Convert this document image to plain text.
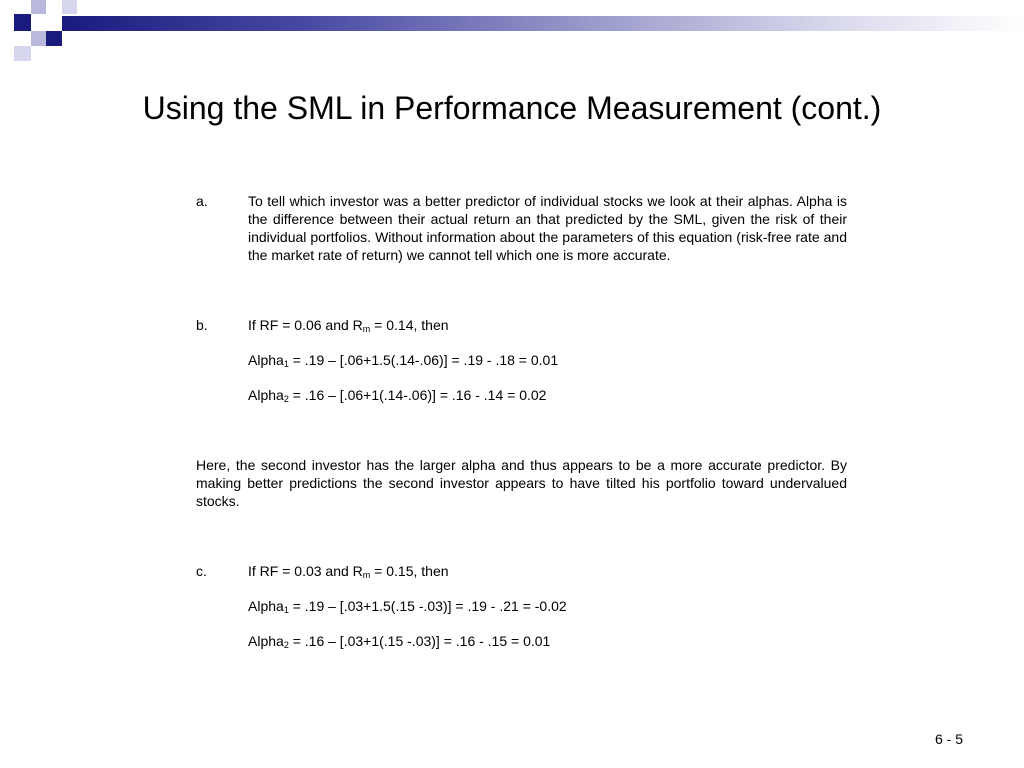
Using the SML in Performance Measurement (cont.)
a.	To tell which investor was a better predictor of individual stocks we look at their alphas. Alpha is the difference between their actual return an that predicted by the SML, given the risk of their individual portfolios. Without information about the parameters of this equation (risk-free rate and the market rate of return) we cannot tell which one is more accurate.
b.	If RF = 0.06 and $R_m = 0.14$, then
Alpha$_1$ = .19 – [.06+1.5(.14-.06)] = .19 - .18 = 0.01
Alpha$_2$ = .16 – [.06+1(.14-.06)] = .16 - .14 = 0.02
Here, the second investor has the larger alpha and thus appears to be a more accurate predictor. By making better predictions the second investor appears to have tilted his portfolio toward undervalued stocks.
c.	If RF = 0.03 and $R_m = 0.15$, then
Alpha$_1$ = .19 – [.03+1.5(.15 -.03)] = .19 - .21 = -0.02
Alpha$_2$ = .16 – [.03+1(.15 -.03)] = .16 - .15 = 0.01
6 - 5
